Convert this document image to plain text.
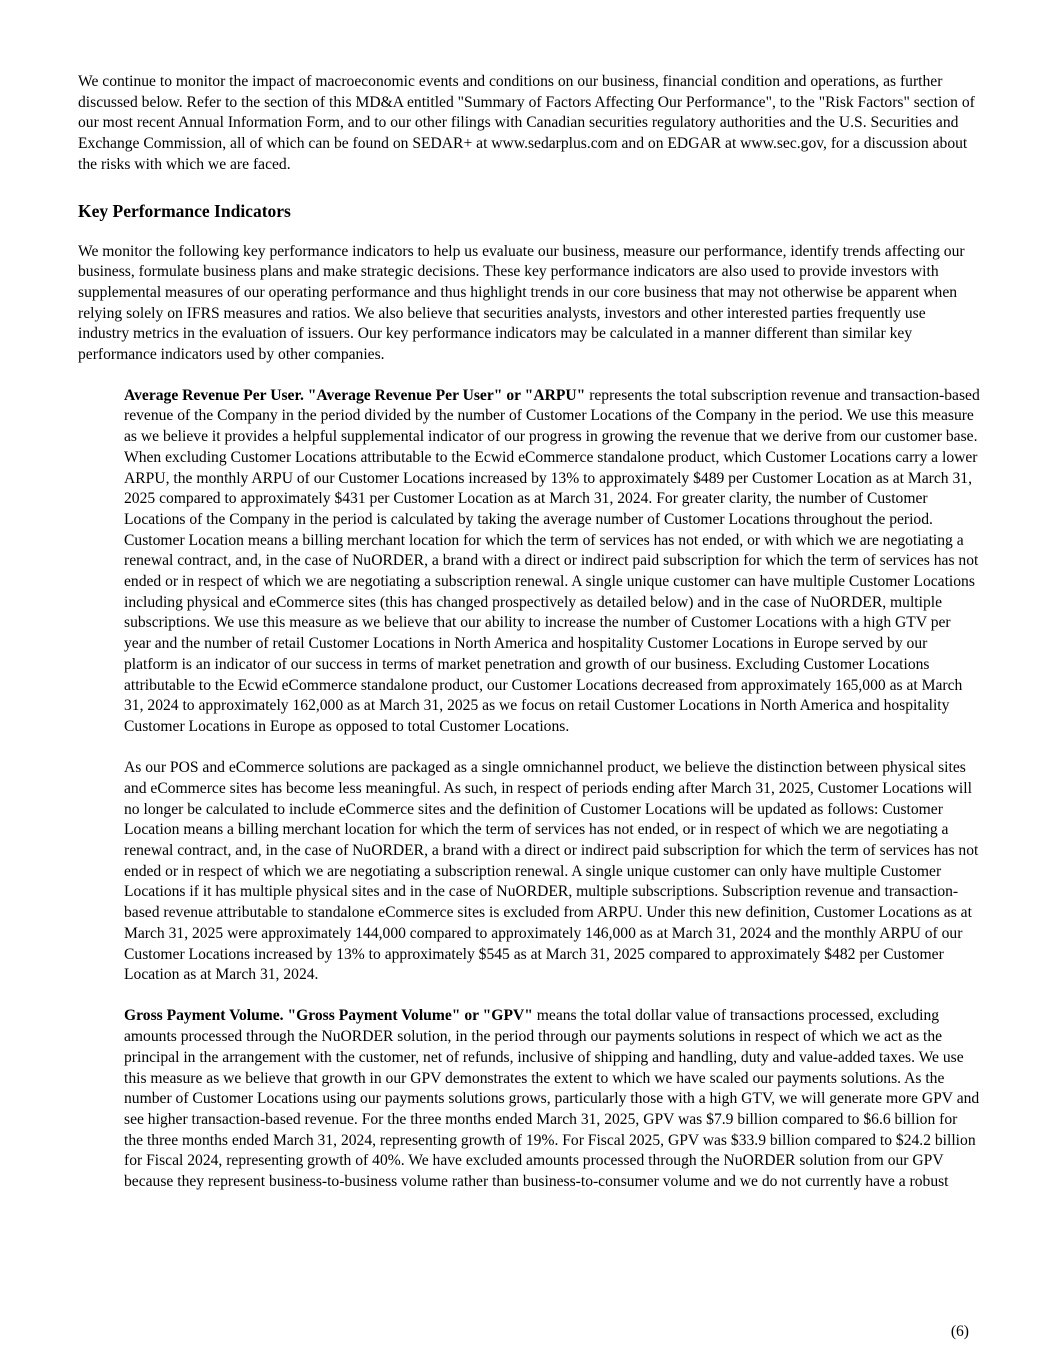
We continue to monitor the impact of macroeconomic events and conditions on our business, financial condition and operations, as further discussed below. Refer to the section of this MD&A entitled "Summary of Factors Affecting Our Performance", to the "Risk Factors" section of our most recent Annual Information Form, and to our other filings with Canadian securities regulatory authorities and the U.S. Securities and Exchange Commission, all of which can be found on SEDAR+ at www.sedarplus.com and on EDGAR at www.sec.gov, for a discussion about the risks with which we are faced.

Key Performance Indicators

We monitor the following key performance indicators to help us evaluate our business, measure our performance, identify trends affecting our business, formulate business plans and make strategic decisions. These key performance indicators are also used to provide investors with supplemental measures of our operating performance and thus highlight trends in our core business that may not otherwise be apparent when relying solely on IFRS measures and ratios. We also believe that securities analysts, investors and other interested parties frequently use industry metrics in the evaluation of issuers. Our key performance indicators may be calculated in a manner different than similar key performance indicators used by other companies.

Average Revenue Per User. "Average Revenue Per User" or "ARPU" represents the total subscription revenue and transaction-based revenue of the Company in the period divided by the number of Customer Locations of the Company in the period. We use this measure as we believe it provides a helpful supplemental indicator of our progress in growing the revenue that we derive from our customer base. When excluding Customer Locations attributable to the Ecwid eCommerce standalone product, which Customer Locations carry a lower ARPU, the monthly ARPU of our Customer Locations increased by 13% to approximately $489 per Customer Location as at March 31, 2025 compared to approximately $431 per Customer Location as at March 31, 2024. For greater clarity, the number of Customer Locations of the Company in the period is calculated by taking the average number of Customer Locations throughout the period. Customer Location means a billing merchant location for which the term of services has not ended, or with which we are negotiating a renewal contract, and, in the case of NuORDER, a brand with a direct or indirect paid subscription for which the term of services has not ended or in respect of which we are negotiating a subscription renewal. A single unique customer can have multiple Customer Locations including physical and eCommerce sites (this has changed prospectively as detailed below) and in the case of NuORDER, multiple subscriptions. We use this measure as we believe that our ability to increase the number of Customer Locations with a high GTV per year and the number of retail Customer Locations in North America and hospitality Customer Locations in Europe served by our platform is an indicator of our success in terms of market penetration and growth of our business. Excluding Customer Locations attributable to the Ecwid eCommerce standalone product, our Customer Locations decreased from approximately 165,000 as at March 31, 2024 to approximately 162,000 as at March 31, 2025 as we focus on retail Customer Locations in North America and hospitality Customer Locations in Europe as opposed to total Customer Locations.

As our POS and eCommerce solutions are packaged as a single omnichannel product, we believe the distinction between physical sites and eCommerce sites has become less meaningful. As such, in respect of periods ending after March 31, 2025, Customer Locations will no longer be calculated to include eCommerce sites and the definition of Customer Locations will be updated as follows: Customer Location means a billing merchant location for which the term of services has not ended, or in respect of which we are negotiating a renewal contract, and, in the case of NuORDER, a brand with a direct or indirect paid subscription for which the term of services has not ended or in respect of which we are negotiating a subscription renewal. A single unique customer can only have multiple Customer Locations if it has multiple physical sites and in the case of NuORDER, multiple subscriptions. Subscription revenue and transaction-based revenue attributable to standalone eCommerce sites is excluded from ARPU. Under this new definition, Customer Locations as at March 31, 2025 were approximately 144,000 compared to approximately 146,000 as at March 31, 2024 and the monthly ARPU of our Customer Locations increased by 13% to approximately $545 as at March 31, 2025 compared to approximately $482 per Customer Location as at March 31, 2024.

Gross Payment Volume. "Gross Payment Volume" or "GPV" means the total dollar value of transactions processed, excluding amounts processed through the NuORDER solution, in the period through our payments solutions in respect of which we act as the principal in the arrangement with the customer, net of refunds, inclusive of shipping and handling, duty and value-added taxes. We use this measure as we believe that growth in our GPV demonstrates the extent to which we have scaled our payments solutions. As the number of Customer Locations using our payments solutions grows, particularly those with a high GTV, we will generate more GPV and see higher transaction-based revenue. For the three months ended March 31, 2025, GPV was $7.9 billion compared to $6.6 billion for the three months ended March 31, 2024, representing growth of 19%. For Fiscal 2025, GPV was $33.9 billion compared to $24.2 billion for Fiscal 2024, representing growth of 40%. We have excluded amounts processed through the NuORDER solution from our GPV because they represent business-to-business volume rather than business-to-consumer volume and we do not currently have a robust

(6)
